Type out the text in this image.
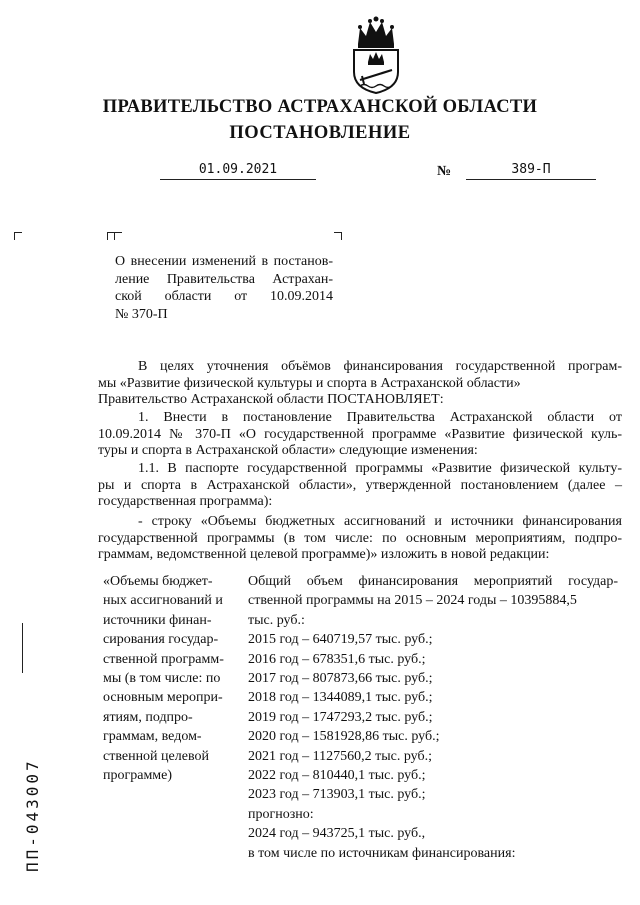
ПРАВИТЕЛЬСТВО АСТРАХАНСКОЙ ОБЛАСТИ
ПОСТАНОВЛЕНИЕ
01.09.2021	№	389-П
О внесении изменений в постанов-
ление Правительства Астрахан-
ской области от 10.09.2014
№ 370-П
В целях уточнения объёмов финансирования государственной програм-
мы «Развитие физической культуры и спорта в Астраханской области»
Правительство Астраханской области ПОСТАНОВЛЯЕТ:
1. Внести в постановление Правительства Астраханской области от
10.09.2014 № 370-П «О государственной программе «Развитие физической куль-
туры и спорта в Астраханской области» следующие изменения:
1.1. В паспорте государственной программы «Развитие физической культу-
ры и спорта в Астраханской области», утвержденной постановлением (далее –
государственная программа):
- строку «Объемы бюджетных ассигнований и источники финансирования
государственной программы (в том числе: по основным мероприятиям, подпро-
граммам, ведомственной целевой программе)» изложить в новой редакции:
«Объемы бюджет-
ных ассигнований и
источники финан-
сирования государ-
ственной программ-
мы (в том числе: по
основным меропри-
ятиям, подпро-
граммам, ведом-
ственной целевой
программе)
Общий объем финансирования мероприятий государ-
ственной программы на 2015 – 2024 годы – 10395884,5
тыс. руб.:
2015 год – 640719,57 тыс. руб.;
2016 год – 678351,6 тыс. руб.;
2017 год – 807873,66 тыс. руб.;
2018 год – 1344089,1 тыс. руб.;
2019 год – 1747293,2 тыс. руб.;
2020 год – 1581928,86 тыс. руб.;
2021 год – 1127560,2 тыс. руб.;
2022 год – 810440,1 тыс. руб.;
2023 год – 713903,1 тыс. руб.;
прогнозно:
2024 год – 943725,1 тыс. руб.,
в том числе по источникам финансирования:
ПП-043007
